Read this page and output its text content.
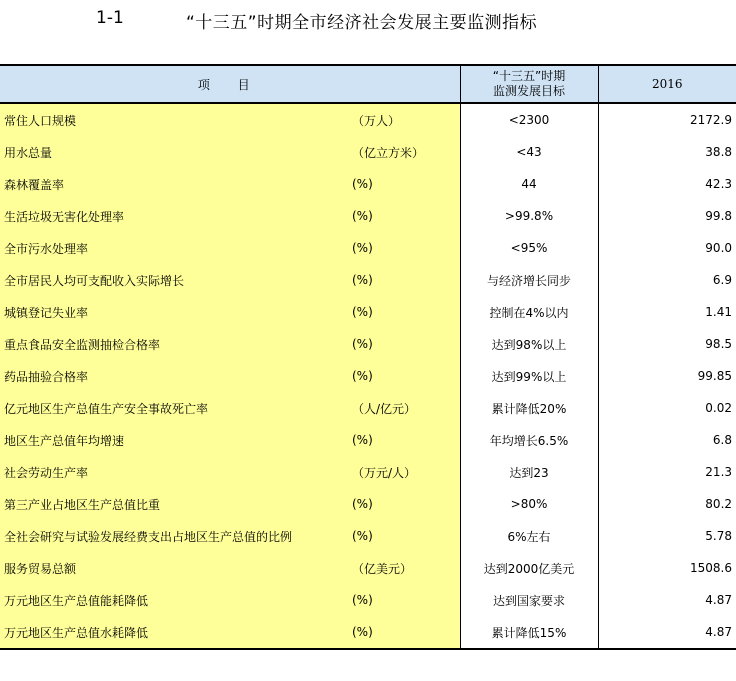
1-1	“十三五”时期全市经济社会发展主要监测指标
项 目		“十三五”时期
监测发展目标	2016
常住人口规模	（万人）	<2300	2172.9
用水总量	（亿立方米）	<43	38.8
森林覆盖率	(%)	44	42.3
生活垃圾无害化处理率	(%)	>99.8%	99.8
全市污水处理率	(%)	<95%	90.0
全市居民人均可支配收入实际增长	(%)	与经济增长同步	6.9
城镇登记失业率	(%)	控制在4%以内	1.41
重点食品安全监测抽检合格率	(%)	达到98%以上	98.5
药品抽验合格率	(%)	达到99%以上	99.85
亿元地区生产总值生产安全事故死亡率	（人/亿元）	累计降低20%	0.02
地区生产总值年均增速	(%)	年均增长6.5%	6.8
社会劳动生产率	（万元/人）	达到23	21.3
第三产业占地区生产总值比重	(%)	>80%	80.2
全社会研究与试验发展经费支出占地区生产总值的比例	(%)	6%左右	5.78
服务贸易总额	（亿美元）	达到2000亿美元	1508.6
万元地区生产总值能耗降低	(%)	达到国家要求	4.87
万元地区生产总值水耗降低	(%)	累计降低15%	4.87
